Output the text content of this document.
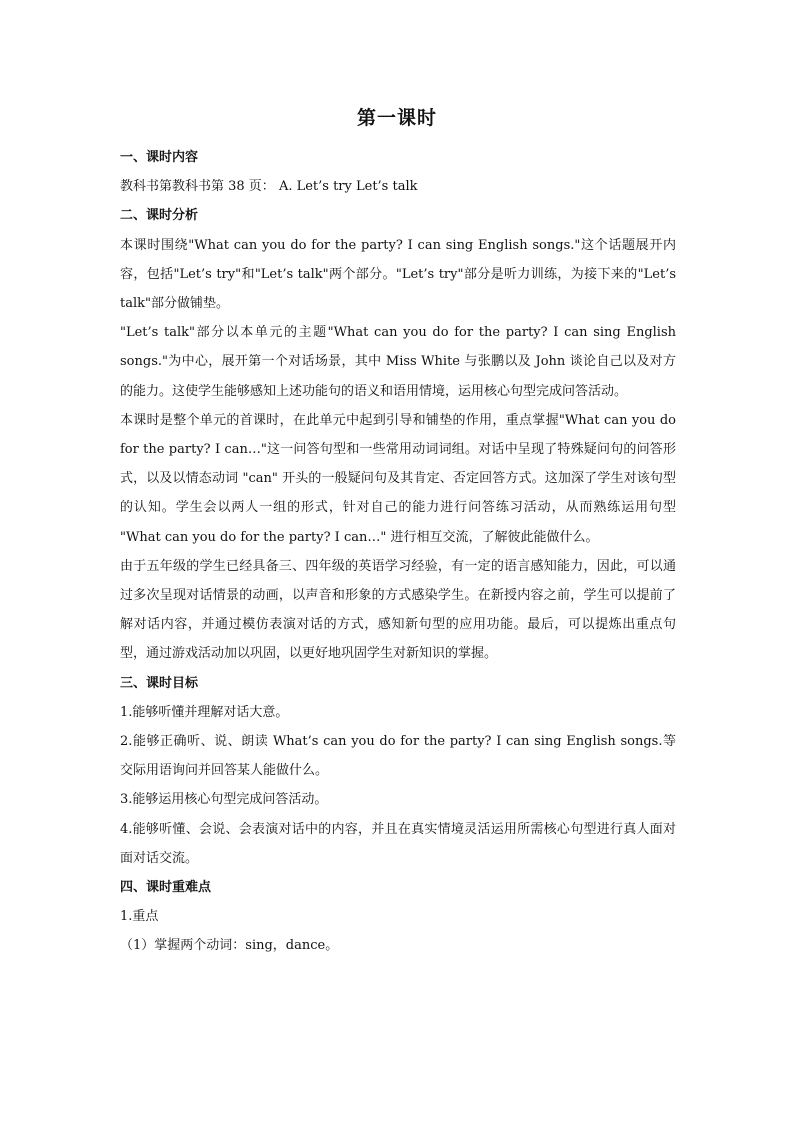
第一课时

一、课时内容

教科书第教科书第 38 页： A. Let’s try Let’s talk

二、课时分析

本课时围绕"What can you do for the party? I can sing English songs."这个话题展开内容，包括"Let’s try"和"Let’s talk"两个部分。"Let’s try"部分是听力训练，为接下来的"Let’s talk"部分做铺垫。

"Let’s talk"部分以本单元的主题"What can you do for the party? I can sing English songs."为中心，展开第一个对话场景，其中 Miss White 与张鹏以及 John 谈论自己以及对方的能力。这使学生能够感知上述功能句的语义和语用情境，运用核心句型完成问答活动。

本课时是整个单元的首课时，在此单元中起到引导和铺垫的作用，重点掌握"What can you do for the party? I can…"这一问答句型和一些常用动词词组。对话中呈现了特殊疑问句的问答形式，以及以情态动词 "can" 开头的一般疑问句及其肯定、否定回答方式。这加深了学生对该句型的认知。学生会以两人一组的形式，针对自己的能力进行问答练习活动，从而熟练运用句型 "What can you do for the party? I can…" 进行相互交流，了解彼此能做什么。

由于五年级的学生已经具备三、四年级的英语学习经验，有一定的语言感知能力，因此，可以通过多次呈现对话情景的动画，以声音和形象的方式感染学生。在新授内容之前，学生可以提前了解对话内容，并通过模仿表演对话的方式，感知新句型的应用功能。最后，可以提炼出重点句型，通过游戏活动加以巩固，以更好地巩固学生对新知识的掌握。

三、课时目标

1.能够听懂并理解对话大意。

2.能够正确听、说、朗读 What’s can you do for the party? I can sing English songs.等交际用语询问并回答某人能做什么。

3.能够运用核心句型完成问答活动。

4.能够听懂、会说、会表演对话中的内容，并且在真实情境灵活运用所需核心句型进行真人面对面对话交流。

四、课时重难点

1.重点

（1）掌握两个动词：sing，dance。
